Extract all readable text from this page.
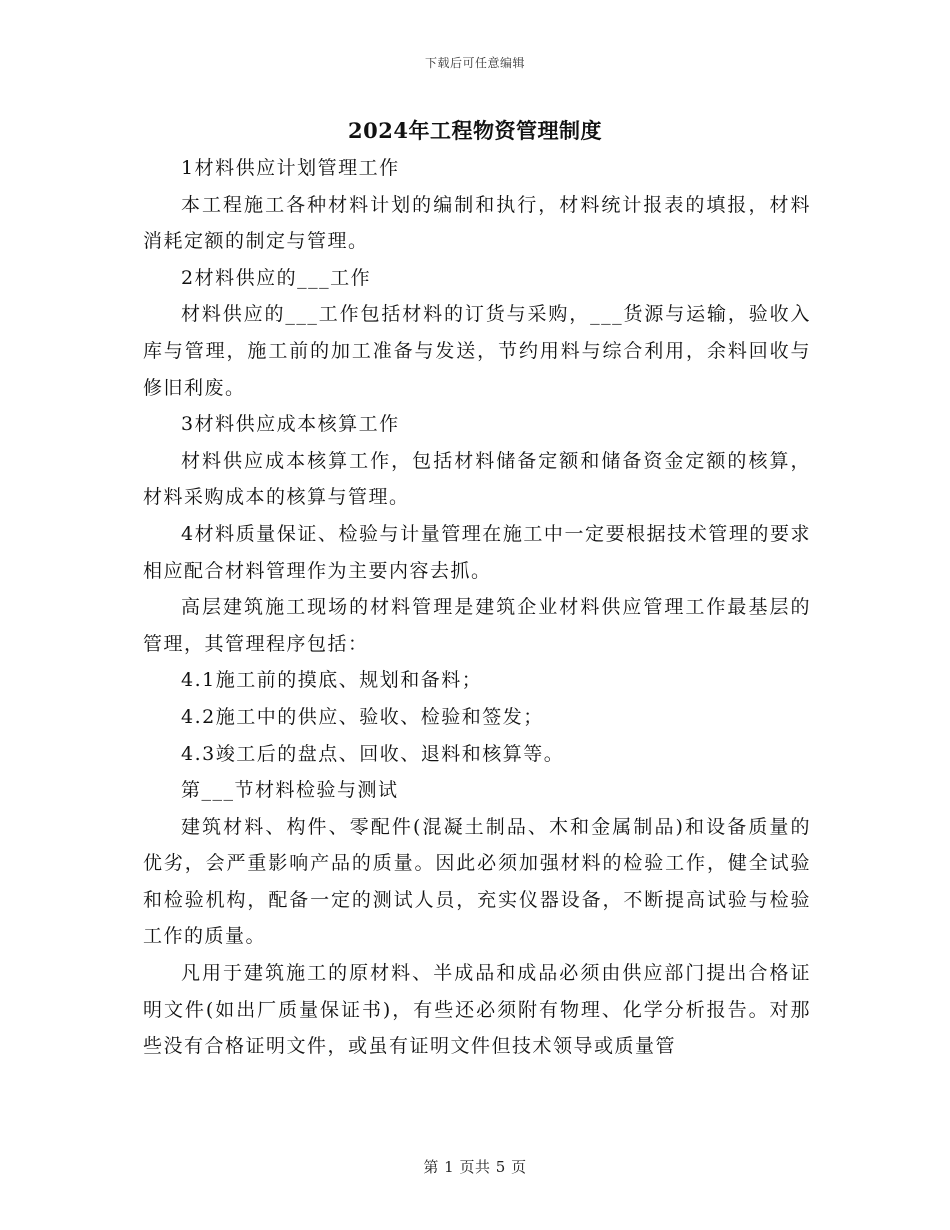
下载后可任意编辑
2024年工程物资管理制度

1材料供应计划管理工作

本工程施工各种材料计划的编制和执行，材料统计报表的填报，材料消耗定额的制定与管理。

2材料供应的___工作

材料供应的___工作包括材料的订货与采购，___货源与运输，验收入库与管理，施工前的加工准备与发送，节约用料与综合利用，余料回收与修旧利废。

3材料供应成本核算工作

材料供应成本核算工作，包括材料储备定额和储备资金定额的核算，材料采购成本的核算与管理。

4材料质量保证、检验与计量管理在施工中一定要根据技术管理的要求相应配合材料管理作为主要内容去抓。

高层建筑施工现场的材料管理是建筑企业材料供应管理工作最基层的管理，其管理程序包括：

4.1施工前的摸底、规划和备料；

4.2施工中的供应、验收、检验和签发；

4.3竣工后的盘点、回收、退料和核算等。

第___节材料检验与测试

建筑材料、构件、零配件(混凝土制品、木和金属制品)和设备质量的优劣，会严重影响产品的质量。因此必须加强材料的检验工作，健全试验和检验机构，配备一定的测试人员，充实仪器设备，不断提高试验与检验工作的质量。

凡用于建筑施工的原材料、半成品和成品必须由供应部门提出合格证明文件(如出厂质量保证书)，有些还必须附有物理、化学分析报告。对那些没有合格证明文件，或虽有证明文件但技术领导或质量管

第 1 页共 5 页
